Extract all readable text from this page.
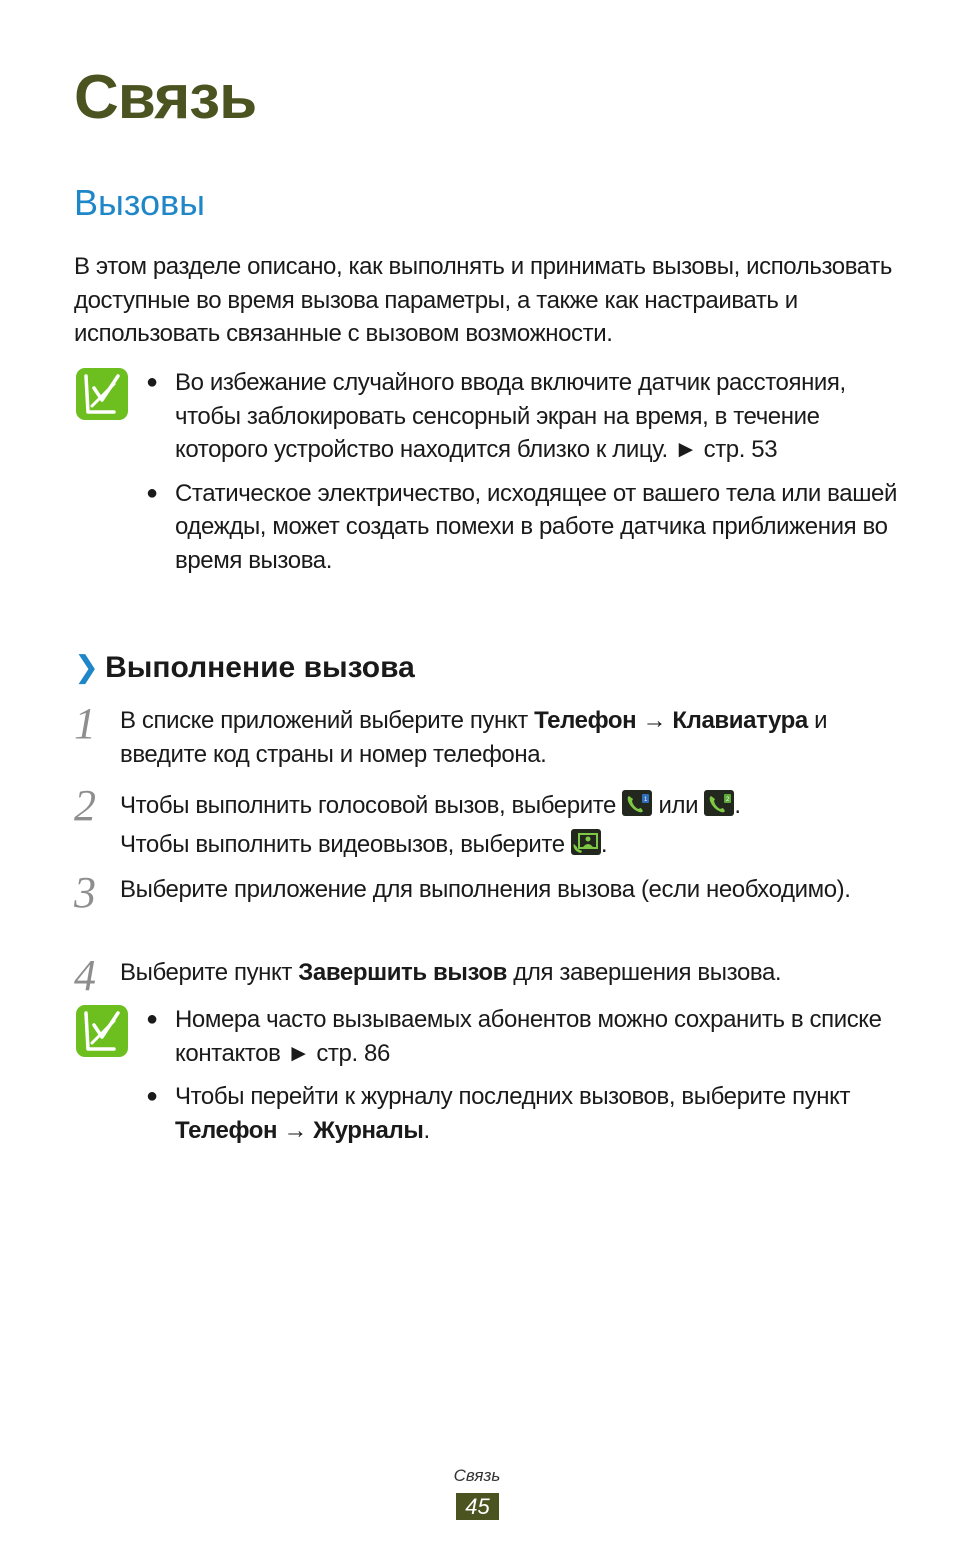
Связь
Вызовы
В этом разделе описано, как выполнять и принимать вызовы, использовать доступные во время вызова параметры, а также как настраивать и использовать связанные с вызовом возможности.
● Во избежание случайного ввода включите датчик расстояния, чтобы заблокировать сенсорный экран на время, в течение которого устройство находится близко к лицу. ► стр. 53
● Статическое электричество, исходящее от вашего тела или вашей одежды, может создать помехи в работе датчика приближения во время вызова.
❯ Выполнение вызова
1 В списке приложений выберите пункт Телефон → Клавиатура и введите код страны и номер телефона.
2 Чтобы выполнить голосовой вызов, выберите	1 или	2 .
Чтобы выполнить видеовызов, выберите .
3 Выберите приложение для выполнения вызова (если необходимо).
4 Выберите пункт Завершить вызов для завершения вызова.
● Номера часто вызываемых абонентов можно сохранить в списке контактов ► стр. 86
● Чтобы перейти к журналу последних вызовов, выберите пункт Телефон → Журналы.
Связь
45
